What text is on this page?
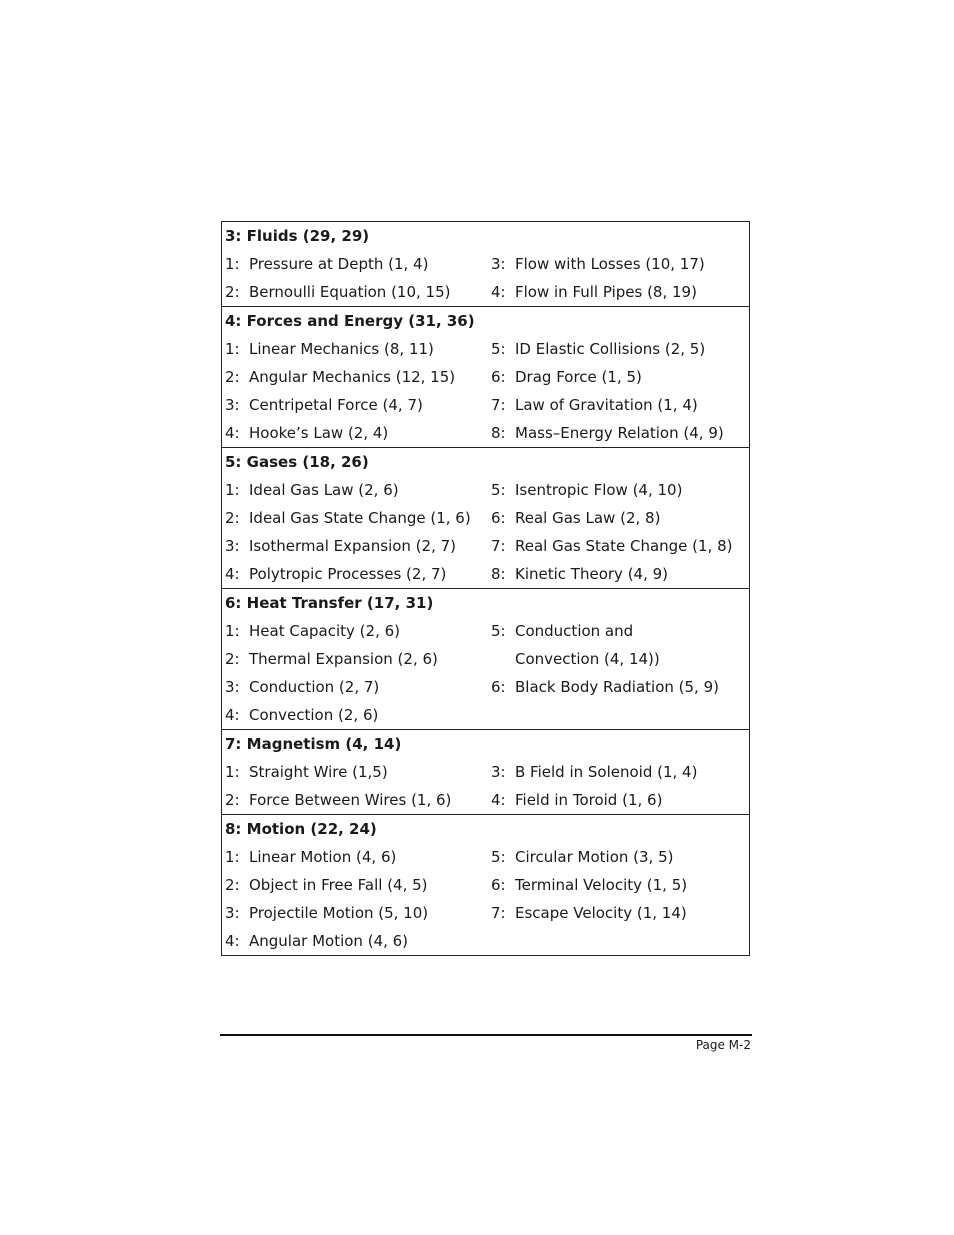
3: Fluids (29, 29)
1: Pressure at Depth (1, 4)	3: Flow with Losses (10, 17)
2: Bernoulli Equation (10, 15)	4: Flow in Full Pipes (8, 19)
4: Forces and Energy (31, 36)
1: Linear Mechanics (8, 11)	5: ID Elastic Collisions (2, 5)
2: Angular Mechanics (12, 15) 6: Drag Force (1, 5)
3: Centripetal Force (4, 7)	7: Law of Gravitation (1, 4)
4: Hooke’s Law (2, 4)	8: Mass–Energy Relation (4, 9)
5: Gases (18, 26)
1: Ideal Gas Law (2, 6)	5: Isentropic Flow (4, 10)
2: Ideal Gas State Change (1, 6) 6: Real Gas Law (2, 8)
3: Isothermal Expansion (2, 7) 7: Real Gas State Change (1, 8)
4: Polytropic Processes (2, 7)	8: Kinetic Theory (4, 9)
6: Heat Transfer (17, 31)
1: Heat Capacity (2, 6)	5: Conduction and
2: Thermal Expansion (2, 6)	Convection (4, 14))
3: Conduction (2, 7)	6: Black Body Radiation (5, 9)
4: Convection (2, 6)
7: Magnetism (4, 14)
1: Straight Wire (1,5)	3: B Field in Solenoid (1, 4)
2: Force Between Wires (1, 6)	4: Field in Toroid (1, 6)
8: Motion (22, 24)
1: Linear Motion (4, 6)	5: Circular Motion (3, 5)
2: Object in Free Fall (4, 5)	6: Terminal Velocity (1, 5)
3: Projectile Motion (5, 10)	7: Escape Velocity (1, 14)
4: Angular Motion (4, 6)
Page M-2
